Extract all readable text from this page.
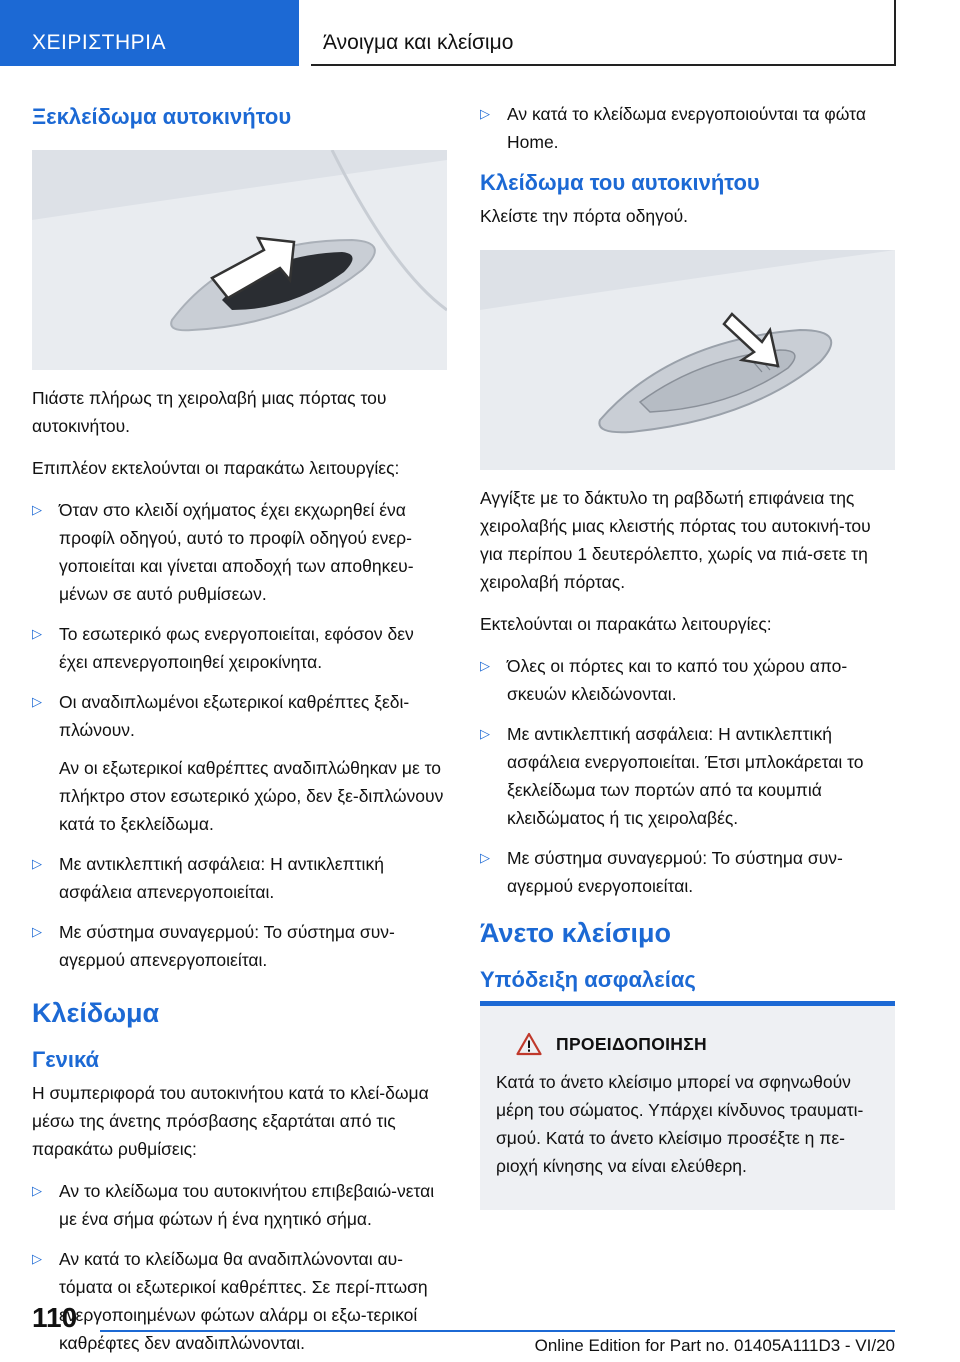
ΧΕΙΡΙΣΤΗΡΙΑ	Άνοιγμα και κλείσιμο
Ξεκλείδωμα αυτοκινήτου

Πιάστε πλήρως τη χειρολαβή μιας πόρτας του αυτοκινήτου.

Επιπλέον εκτελούνται οι παρακάτω λειτουργίες:

▷ Όταν στο κλειδί οχήματος έχει εκχωρηθεί ένα προφίλ οδηγού, αυτό το προφίλ οδηγού ενερ-γοποιείται και γίνεται αποδοχή των αποθηκευ-μένων σε αυτό ρυθμίσεων.
▷ Το εσωτερικό φως ενεργοποιείται, εφόσον δεν έχει απενεργοποιηθεί χειροκίνητα.
▷ Οι αναδιπλωμένοι εξωτερικοί καθρέπτες ξεδι-πλώνουν.
Αν οι εξωτερικοί καθρέπτες αναδιπλώθηκαν με το πλήκτρο στον εσωτερικό χώρο, δεν ξε-διπλώνουν κατά το ξεκλείδωμα.
▷ Με αντικλεπτική ασφάλεια: Η αντικλεπτική ασφάλεια απενεργοποιείται.
▷ Με σύστημα συναγερμού: Το σύστημα συν-αγερμού απενεργοποιείται.
Κλείδωμα
Γενικά

Η συμπεριφορά του αυτοκινήτου κατά το κλεί-δωμα μέσω της άνετης πρόσβασης εξαρτάται από τις παρακάτω ρυθμίσεις:

▷ Αν το κλείδωμα του αυτοκινήτου επιβεβαιώ-νεται με ένα σήμα φώτων ή ένα ηχητικό σήμα.
▷ Αν κατά το κλείδωμα θα αναδιπλώνονται αυ-τόματα οι εξωτερικοί καθρέπτες. Σε περί-πτωση ενεργοποιημένων φώτων αλάρμ οι εξω-τερικοί καθρέφτες δεν αναδιπλώνονται.
▷ Αν κατά το κλείδωμα ενεργοποιούνται τα φώτα Home.
Κλείδωμα του αυτοκινήτου

Κλείστε την πόρτα οδηγού.

Αγγίξτε με το δάκτυλο τη ραβδωτή επιφάνεια της χειρολαβής μιας κλειστής πόρτας του αυτοκινή-του για περίπου 1 δευτερόλεπτο, χωρίς να πιά-σετε τη χειρολαβή πόρτας.

Εκτελούνται οι παρακάτω λειτουργίες:

▷ Όλες οι πόρτες και το καπό του χώρου απο-σκευών κλειδώνονται.
▷ Με αντικλεπτική ασφάλεια: Η αντικλεπτική ασφάλεια ενεργοποιείται. Έτσι μπλοκάρεται το ξεκλείδωμα των πορτών από τα κουμπιά κλειδώματος ή τις χειρολαβές.
▷ Με σύστημα συναγερμού: Το σύστημα συν-αγερμού ενεργοποιείται.
Άνετο κλείσιμο
Υπόδειξη ασφαλείας
ΠΡΟΕΙΔΟΠΟΙΗΣΗ

Κατά το άνετο κλείσιμο μπορεί να σφηνωθούν μέρη του σώματος. Υπάρχει κίνδυνος τραυματι-σμού. Κατά το άνετο κλείσιμο προσέξτε η πε-ριοχή κίνησης να είναι ελεύθερη.

110
Online Edition for Part no. 01405A111D3 - VI/20
